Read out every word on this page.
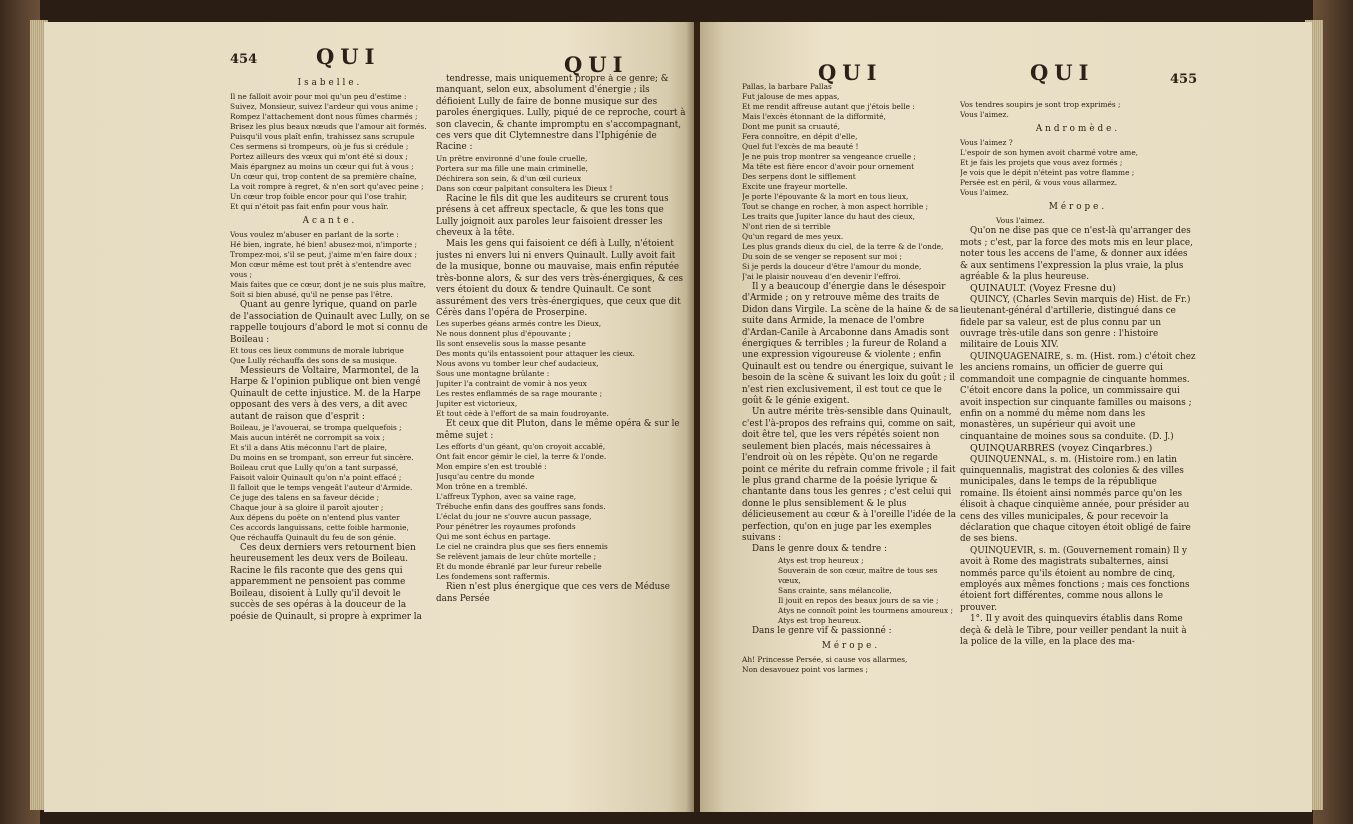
454	QUI	QUI
Isabelle.

Il ne falloit avoir pour moi qu'un peu d'estime :

Suivez, Monsieur, suivez l'ardeur qui vous anime ;

Rompez l'attachement dont nous fûmes charmés ;

Brisez les plus beaux nœuds que l'amour ait formés.

Puisqu'il vous plaît enfin, trahissez sans scrupule

Ces sermens si trompeurs, où je fus si crédule ;

Portez ailleurs des vœux qui m'ont été si doux ;

Mais épargnez au moins un cœur qui fut à vous ;

Un cœur qui, trop content de sa première chaîne,

La voit rompre à regret, & n'en sort qu'avec peine ;

Un cœur trop foible encor pour qui l'ose trahir,

Et qui n'étoit pas fait enfin pour vous haïr.

Acante.

Vous voulez m'abuser en parlant de la sorte :

Hé bien, ingrate, hé bien! abusez-moi, n'importe ;

Trompez-moi, s'il se peut, j'aime m'en faire doux ;

Mon cœur même est tout prêt à s'entendre avec vous ;

Mais faites que ce cœur, dont je ne suis plus maître,

Soit si bien abusé, qu'il ne pense pas l'être.

Quant au genre lyrique, quand on parle de l'association de Quinault avec Lully, on se rappelle toujours d'abord le mot si connu de Boileau :

Et tous ces lieux communs de morale lubrique

Que Lully réchauffa des sons de sa musique.

Messieurs de Voltaire, Marmontel, de la Harpe & l'opinion publique ont bien vengé Quinault de cette injustice. M. de la Harpe opposant des vers à des vers, a dit avec autant de raison que d'esprit :

Boileau, je l'avouerai, se trompa quelquefois ;

Mais aucun intérêt ne corrompit sa voix ;

Et s'il a dans Atis méconnu l'art de plaire,

Du moins en se trompant, son erreur fut sincère.

Boileau crut que Lully qu'on a tant surpassé,

Faisoit valoir Quinault qu'on n'a point effacé ;

Il falloit que le temps vengeât l'auteur d'Armide.

Ce juge des talens en sa faveur décide ;

Chaque jour à sa gloire il paroît ajouter ;

Aux dépens du poëte on n'entend plus vanter

Ces accords languissans, cette foible harmonie,

Que réchauffa Quinault du feu de son génie.

Ces deux derniers vers retournent bien heureusement les deux vers de Boileau. Racine le fils raconte que des gens qui apparemment ne pensoient pas comme Boileau, disoient à Lully qu'il devoit le succès de ses opéras à la douceur de la poésie de Quinault, si propre à exprimer la

tendresse, mais uniquement propre à ce genre; & manquant, selon eux, absolument d'énergie ; ils défioient Lully de faire de bonne musique sur des paroles énergiques. Lully, piqué de ce reproche, court à son clavecin, & chante impromptu en s'accompagnant, ces vers que dit Clytemnestre dans l'Iphigénie de Racine :

Un prêtre environné d'une foule cruelle,

Portera sur ma fille une main criminelle,

Déchirera son sein, & d'un œil curieux

Dans son cœur palpitant consultera les Dieux !

Racine le fils dit que les auditeurs se crurent tous présens à cet affreux spectacle, & que les tons que Lully joignoit aux paroles leur faisoient dresser les cheveux à la tête.

Mais les gens qui faisoient ce défi à Lully, n'étoient justes ni envers lui ni envers Quinault. Lully avoit fait de la musique, bonne ou mauvaise, mais enfin réputée très-bonne alors, & sur des vers très-énergiques, & ces vers étoient du doux & tendre Quinault. Ce sont assurément des vers très-énergiques, que ceux que dit Cérès dans l'opéra de Proserpine.

Les superbes géans armés contre les Dieux,

Ne nous donnent plus d'épouvante ;

Ils sont ensevelis sous la masse pesante

Des monts qu'ils entassoient pour attaquer les cieux.

Nous avons vu tomber leur chef audacieux,

Sous une montagne brûlante :

Jupiter l'a contraint de vomir à nos yeux

Les restes enflammés de sa rage mourante ;

Jupiter est victorieux,

Et tout cède à l'effort de sa main foudroyante.

Et ceux que dit Pluton, dans le même opéra & sur le même sujet :

Les efforts d'un géant, qu'on croyoit accablé,

Ont fait encor gémir le ciel, la terre & l'onde.

Mon empire s'en est troublé :

Jusqu'au centre du monde

Mon trône en a tremblé.

L'affreux Typhon, avec sa vaine rage,

Trébuche enfin dans des gouffres sans fonds.

L'éclat du jour ne s'ouvre aucun passage,

Pour pénétrer les royaumes profonds

Qui me sont échus en partage.

Le ciel ne craindra plus que ses fiers ennemis

Se relèvent jamais de leur chûte mortelle ;

Et du monde ébranlé par leur fureur rebelle

Les fondemens sont raffermis.

Rien n'est plus énergique que ces vers de Méduse dans Persée

QUI	QUI	455

Pallas, la barbare Pallas

Fut jalouse de mes appas,

Et me rendit affreuse autant que j'étois belle :

Mais l'excès étonnant de la difformité,

Dont me punit sa cruauté,

Fera connoître, en dépit d'elle,

Quel fut l'excès de ma beauté !

Je ne puis trop montrer sa vengeance cruelle ;

Ma tête est fière encor d'avoir pour ornement

Des serpens dont le sifflement

Excite une frayeur mortelle.

Je porte l'épouvante & la mort en tous lieux,

Tout se change en rocher, à mon aspect horrible ;

Les traits que Jupiter lance du haut des cieux,

N'ont rien de si terrible

Qu'un regard de mes yeux.

Les plus grands dieux du ciel, de la terre & de l'onde,

Du soin de se venger se reposent sur moi ;

Si je perds la douceur d'être l'amour du monde,

J'ai le plaisir nouveau d'en devenir l'effroi.

Il y a beaucoup d'énergie dans le désespoir d'Armide ; on y retrouve même des traits de Didon dans Virgile. La scène de la haine & de sa suite dans Armide, la menace de l'ombre d'Ardan-Canile à Arcabonne dans Amadis sont énergiques & terribles ; la fureur de Roland a une expression vigoureuse & violente ; enfin Quinault est ou tendre ou énergique, suivant le besoin de la scène & suivant les loix du goût ; il n'est rien exclusivement, il est tout ce que le goût & le génie exigent.

Un autre mérite très-sensible dans Quinault, c'est l'à-propos des refrains qui, comme on sait, doit être tel, que les vers répétés soient non seulement bien placés, mais nécessaires à l'endroit où on les répète. Qu'on ne regarde point ce mérite du refrain comme frivole ; il fait le plus grand charme de la poésie lyrique & chantante dans tous les genres ; c'est celui qui donne le plus sensiblement & le plus délicieusement au cœur & à l'oreille l'idée de la perfection, qu'on en juge par les exemples suivans :

Dans le genre doux & tendre :

Atys est trop heureux ;

Souverain de son cœur, maître de tous ses vœux,

Sans crainte, sans mélancolie,

Il jouit en repos des beaux jours de sa vie ;

Atys ne connoît point les tourmens amoureux ;

Atys est trop heureux.

Dans le genre vif & passionné :

Mérope.

Ah! Princesse Persée, si cause vos allarmes,

Non desavouez point vos larmes ;

Vos tendres soupirs je sont trop exprimés ;

Vous l'aimez.

Andromède.

Vous l'aimez ?

L'espoir de son hymen avoit charmé votre ame,

Et je fais les projets que vous avez formés ;

Je vois que le dépit n'éteint pas votre flamme ;

Persée est en péril, & vous vous allarmez.

Vous l'aimez.

Mérope.

Vous l'aimez.

Qu'on ne dise pas que ce n'est-là qu'arranger des mots ; c'est, par la force des mots mis en leur place, noter tous les accens de l'ame, & donner aux idées & aux sentimens l'expression la plus vraie, la plus agréable & la plus heureuse.

QUINAULT. (Voyez Fresne du)

QUINCY, (Charles Sevin marquis de) Hist. de Fr.) lieutenant-général d'artillerie, distingué dans ce fidele par sa valeur, est de plus connu par un ouvrage très-utile dans son genre : l'histoire militaire de Louis XIV.

QUINQUAGENAIRE, s. m. (Hist. rom.) c'étoit chez les anciens romains, un officier de guerre qui commandoit une compagnie de cinquante hommes. C'étoit encore dans la police, un commissaire qui avoit inspection sur cinquante familles ou maisons ; enfin on a nommé du même nom dans les monastères, un supérieur qui avoit une cinquantaine de moines sous sa conduite. (D. J.)

QUINQUARBRES (voyez Cinqarbres.)

QUINQUENNAL, s. m. (Histoire rom.) en latin quinquennalis, magistrat des colonies & des villes municipales, dans le temps de la république romaine. Ils étoient ainsi nommés parce qu'on les élisoit à chaque cinquième année, pour présider au cens des villes municipales, & pour recevoir la déclaration que chaque citoyen étoit obligé de faire de ses biens.

QUINQUEVIR, s. m. (Gouvernement romain) Il y avoit à Rome des magistrats subalternes, ainsi nommés parce qu'ils étoient au nombre de cinq, employés aux mêmes fonctions ; mais ces fonctions étoient fort différentes, comme nous allons le prouver.

1°. Il y avoit des quinquevirs établis dans Rome deçà & delà le Tibre, pour veiller pendant la nuit à la police de la ville, en la place des ma-
